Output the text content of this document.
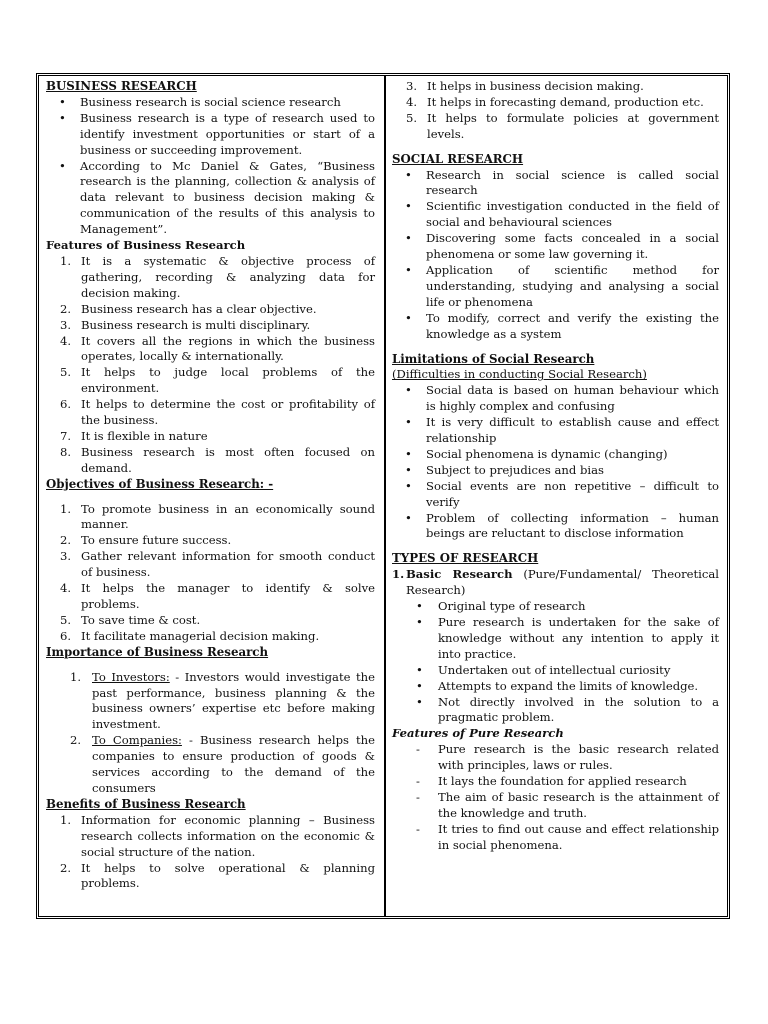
BUSINESS RESEARCH
• Business research is social science research
• Business research is a type of research used to identify investment opportunities or start of a business or succeeding improvement.
• According to Mc Daniel & Gates, “Business research is the planning, collection & analysis of data relevant to business decision making & communication of the results of this analysis to Management”.

Features of Business Research

1. It is a systematic & objective process of gathering, recording & analyzing data for decision making.
2. Business research has a clear objective.
3. Business research is multi disciplinary.
4. It covers all the regions in which the business operates, locally & internationally.
5. It helps to judge local problems of the environment.
6. It helps to determine the cost or profitability of the business.
7. It is flexible in nature
8. Business research is most often focused on demand.
Objectives of Business Research: -
1. To promote business in an economically sound manner.
2. To ensure future success.
3. Gather relevant information for smooth conduct of business.
4. It helps the manager to identify & solve problems.
5. To save time & cost.
6. It facilitate managerial decision making.
Importance of Business Research
1. To Investors: - Investors would investigate the past performance, business planning & the business owners’ expertise etc before making investment.
2. To Companies: - Business research helps the companies to ensure production of goods & services according to the demand of the consumers
Benefits of Business Research
1. Information for economic planning – Business research collects information on the economic & social structure of the nation.
2. It helps to solve operational & planning problems.
3. It helps in business decision making.
4. It helps in forecasting demand, production etc.
5. It helps to formulate policies at government levels.
SOCIAL RESEARCH
• Research in social science is called social research
• Scientific investigation conducted in the field of social and behavioural sciences
• Discovering some facts concealed in a social phenomena or some law governing it.
• Application of scientific method for understanding, studying and analysing a social life or phenomena
• To modify, correct and verify the existing the knowledge as a system
Limitations of Social Research

(Difficulties in conducting Social Research)

• Social data is based on human behaviour which is highly complex and confusing
• It is very difficult to establish cause and effect relationship
• Social phenomena is dynamic (changing)
• Subject to prejudices and bias
• Social events are non repetitive – difficult to verify
• Problem of collecting information – human beings are reluctant to disclose information
TYPES OF RESEARCH
1. Basic Research (Pure/Fundamental/ Theoretical Research)
• Original type of research
• Pure research is undertaken for the sake of knowledge without any intention to apply it into practice.
• Undertaken out of intellectual curiosity
• Attempts to expand the limits of knowledge.
• Not directly involved in the solution to a pragmatic problem.

Features of Pure Research

- Pure research is the basic research related with principles, laws or rules.
- It lays the foundation for applied research
- The aim of basic research is the attainment of the knowledge and truth.
- It tries to find out cause and effect relationship in social phenomena.
